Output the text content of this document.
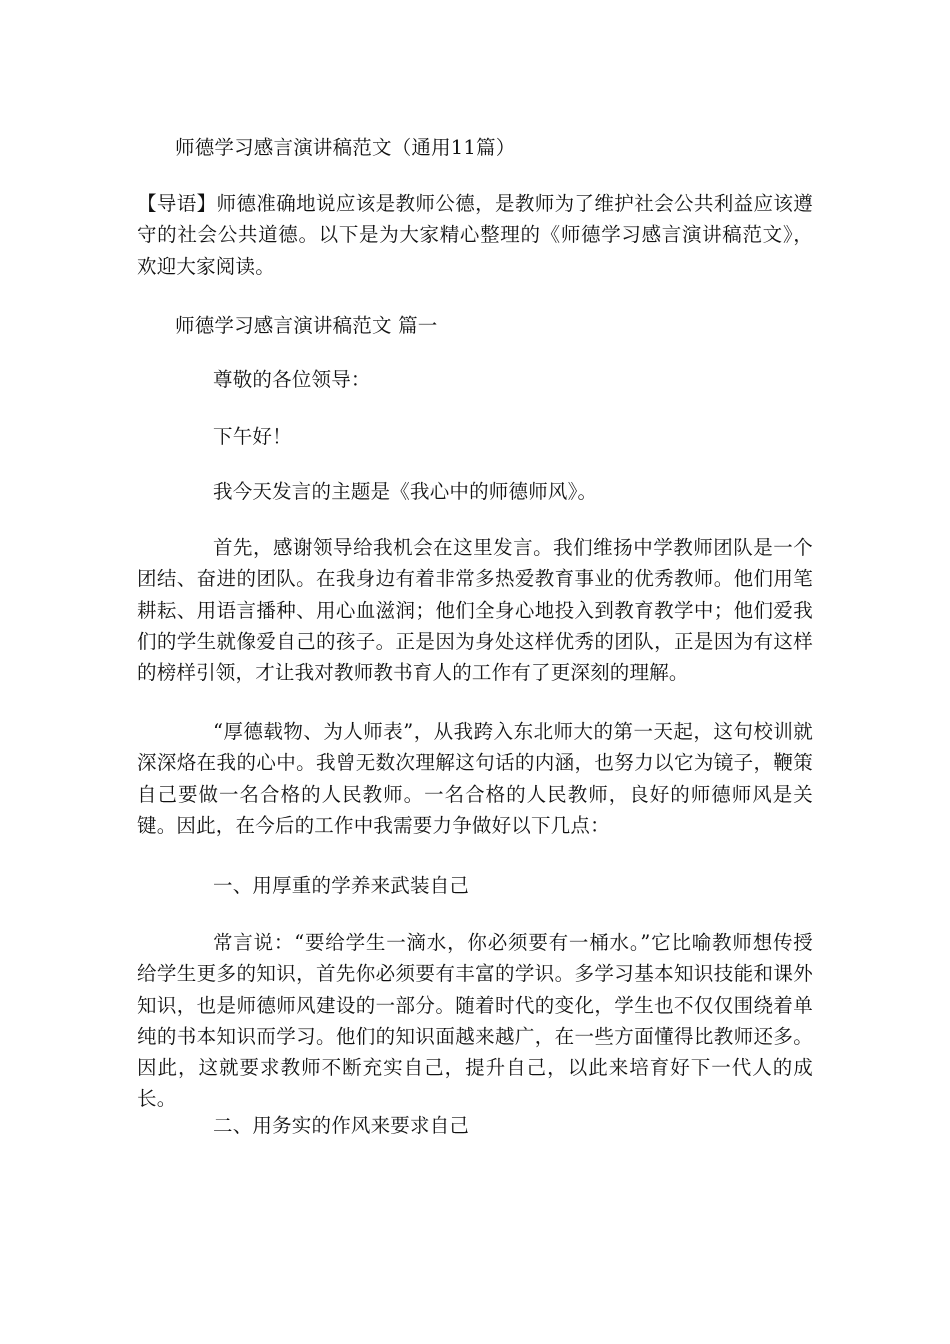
师德学习感言演讲稿范文（通用11篇）
【导语】师德准确地说应该是教师公德，是教师为了维护社会公共利益应该遵守的社会公共道德。以下是为大家精心整理的《师德学习感言演讲稿范文》，欢迎大家阅读。
师德学习感言演讲稿范文 篇一
尊敬的各位领导：
下午好！
我今天发言的主题是《我心中的师德师风》。
首先，感谢领导给我机会在这里发言。我们维扬中学教师团队是一个团结、奋进的团队。在我身边有着非常多热爱教育事业的优秀教师。他们用笔耕耘、用语言播种、用心血滋润；他们全身心地投入到教育教学中；他们爱我们的学生就像爱自己的孩子。正是因为身处这样优秀的团队，正是因为有这样的榜样引领，才让我对教师教书育人的工作有了更深刻的理解。
“厚德载物、为人师表”，从我跨入东北师大的第一天起，这句校训就深深烙在我的心中。我曾无数次理解这句话的内涵，也努力以它为镜子，鞭策自己要做一名合格的人民教师。一名合格的人民教师，良好的师德师风是关键。因此，在今后的工作中我需要力争做好以下几点：
一、用厚重的学养来武装自己
常言说：“要给学生一滴水，你必须要有一桶水。”它比喻教师想传授给学生更多的知识，首先你必须要有丰富的学识。多学习基本知识技能和课外知识，也是师德师风建设的一部分。随着时代的变化，学生也不仅仅围绕着单纯的书本知识而学习。他们的知识面越来越广，在一些方面懂得比教师还多。因此，这就要求教师不断充实自己，提升自己，以此来培育好下一代人的成长。
二、用务实的作风来要求自己
